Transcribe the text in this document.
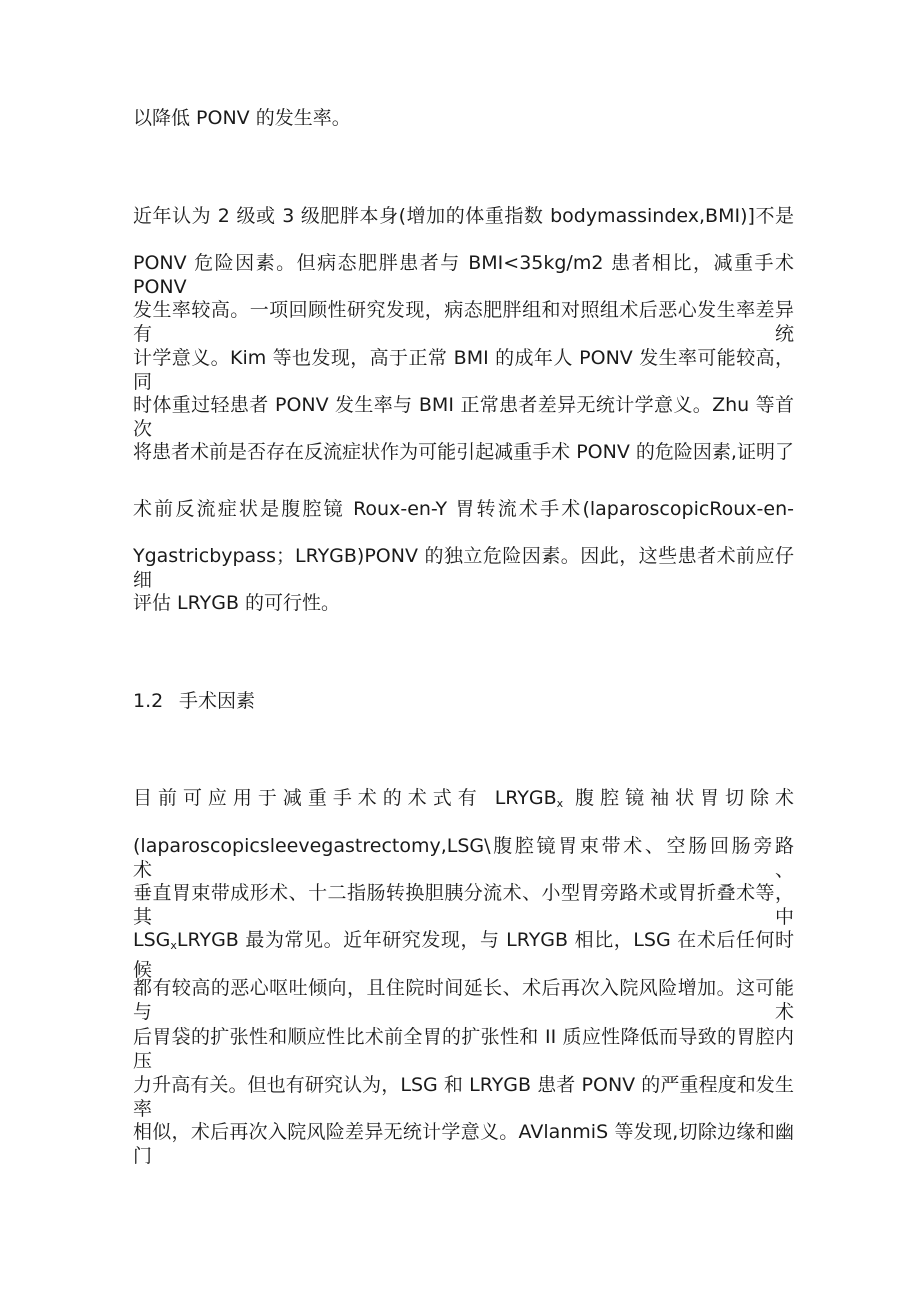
以降低 PONV 的发生率。
近年认为 2 级或 3 级肥胖本身(增加的体重指数 bodymassindex,BMI)]不是
PONV 危险因素。但病态肥胖患者与 BMI<35kg∕m2 患者相比，减重手术 PONV
发生率较高。一项回顾性研究发现，病态肥胖组和对照组术后恶心发生率差异有统
计学意义。Kim 等也发现，高于正常 BMI 的成年人 PONV 发生率可能较高，同
时体重过轻患者 PONV 发生率与 BMI 正常患者差异无统计学意义。Zhu 等首次
将患者术前是否存在反流症状作为可能引起减重手术 PONV 的危险因素,证明了
术前反流症状是腹腔镜 Roux-en-Y 胃转流术手术(laparoscopicRoux-en-
Ygastricbypass；LRYGB)PONV 的独立危险因素。因此，这些患者术前应仔细
评估 LRYGB 的可行性。
1.2 手术因素
目前可应用于减重手术的术式有 $LRYGB_x$ 腹腔镜袖状胃切除术
(laparoscopicsleevegastrectomy,LSG\腹腔镜胃束带术、空肠回肠旁路术、
垂直胃束带成形术、十二指肠转换胆胰分流术、小型胃旁路术或胃折叠术等，其中
$LSG_xLRYGB$ 最为常见。近年研究发现，与 LRYGB 相比，LSG 在术后任何时候
都有较高的恶心呕吐倾向，且住院时间延长、术后再次入院风险增加。这可能与术
后胃袋的扩张性和顺应性比术前全胃的扩张性和 II 质应性降低而导致的胃腔内压
力升高有关。但也有研究认为，LSG 和 LRYGB 患者 PONV 的严重程度和发生率
相似，术后再次入院风险差异无统计学意义。AVlanmiS 等发现,切除边缘和幽门
